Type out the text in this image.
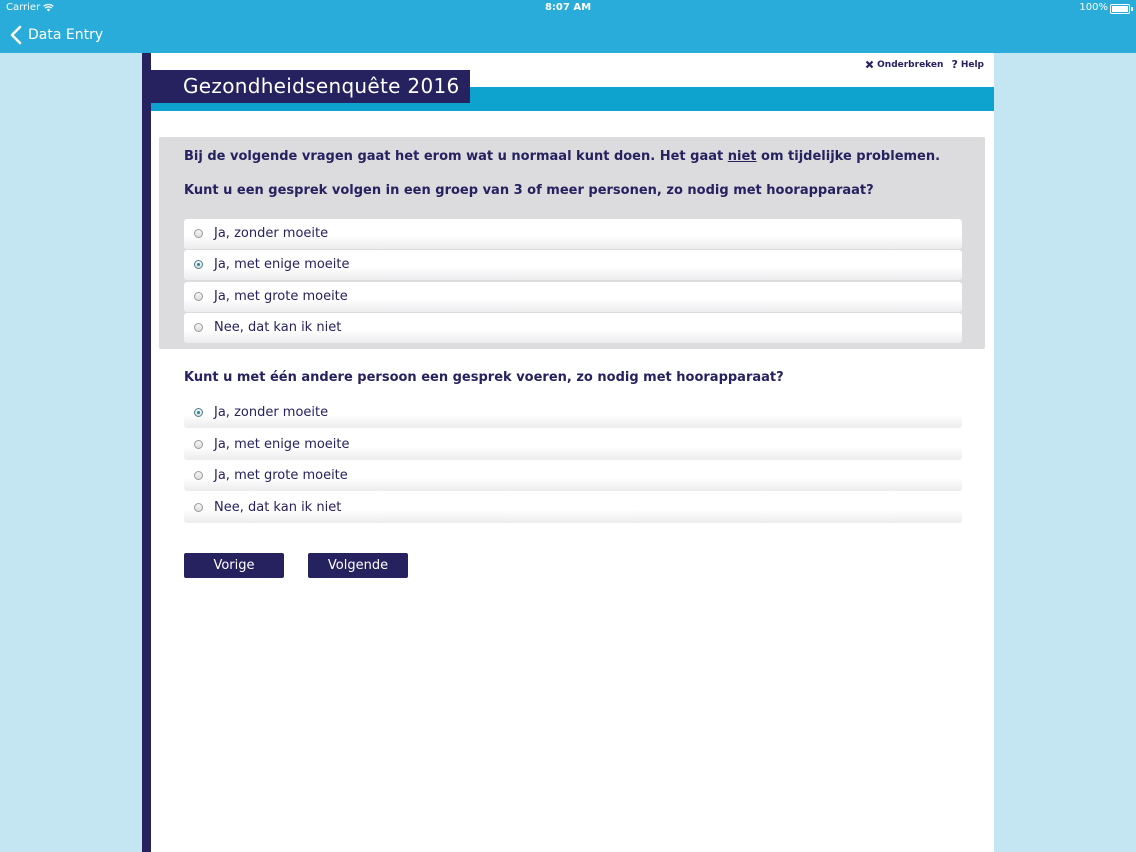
Carrier	8:07 AM	100%
Data Entry
Gezondheidsenquête 2016
Onderbreken ? Help
Bij de volgende vragen gaat het erom wat u normaal kunt doen. Het gaat niet om tijdelijke problemen.
Kunt u een gesprek volgen in een groep van 3 of meer personen, zo nodig met hoorapparaat?
Ja, zonder moeite
Ja, met enige moeite
Ja, met grote moeite
Nee, dat kan ik niet
Kunt u met één andere persoon een gesprek voeren, zo nodig met hoorapparaat?
Ja, zonder moeite
Ja, met enige moeite
Ja, met grote moeite
Nee, dat kan ik niet
Vorige	Volgende
